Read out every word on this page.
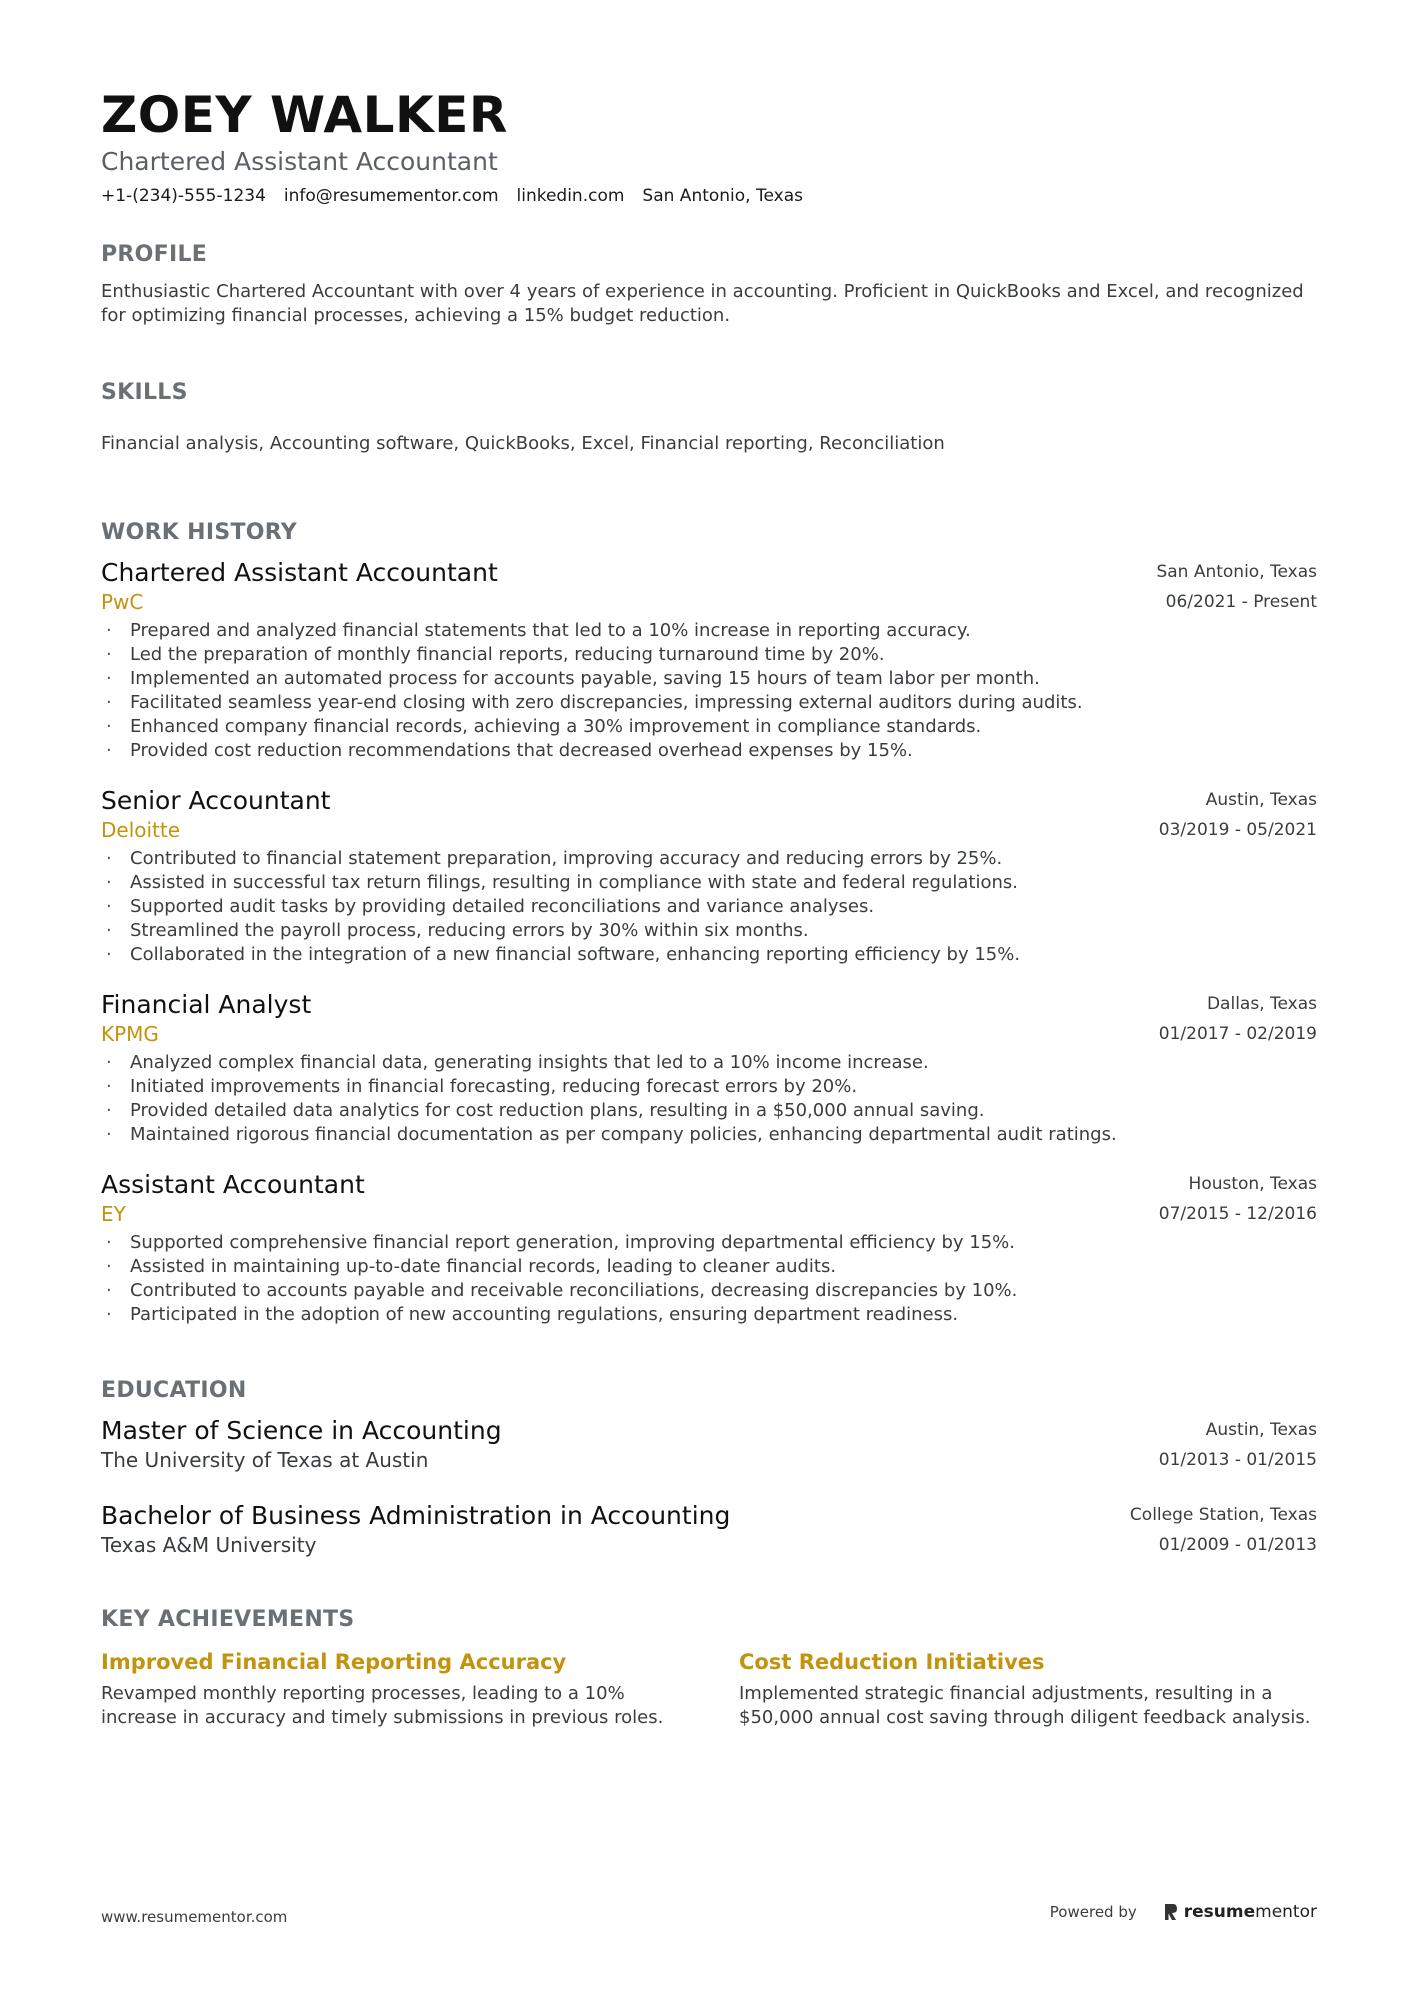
ZOEY WALKER
Chartered Assistant Accountant
+1-(234)-555-1234 info@resumementor.com linkedin.com San Antonio, Texas
PROFILE
Enthusiastic Chartered Accountant with over 4 years of experience in accounting. Proficient in QuickBooks and Excel, and recognized for optimizing financial processes, achieving a 15% budget reduction.
SKILLS
Financial analysis, Accounting software, QuickBooks, Excel, Financial reporting, Reconciliation
WORK HISTORY
Chartered Assistant Accountant
PwC
San Antonio, Texas
06/2021 - Present
· Prepared and analyzed financial statements that led to a 10% increase in reporting accuracy.
· Led the preparation of monthly financial reports, reducing turnaround time by 20%.
· Implemented an automated process for accounts payable, saving 15 hours of team labor per month.
· Facilitated seamless year-end closing with zero discrepancies, impressing external auditors during audits.
· Enhanced company financial records, achieving a 30% improvement in compliance standards.
· Provided cost reduction recommendations that decreased overhead expenses by 15%.
Senior Accountant
Deloitte
Austin, Texas
03/2019 - 05/2021
· Contributed to financial statement preparation, improving accuracy and reducing errors by 25%.
· Assisted in successful tax return filings, resulting in compliance with state and federal regulations.
· Supported audit tasks by providing detailed reconciliations and variance analyses.
· Streamlined the payroll process, reducing errors by 30% within six months.
· Collaborated in the integration of a new financial software, enhancing reporting efficiency by 15%.
Financial Analyst
KPMG
Dallas, Texas
01/2017 - 02/2019
· Analyzed complex financial data, generating insights that led to a 10% income increase.
· Initiated improvements in financial forecasting, reducing forecast errors by 20%.
· Provided detailed data analytics for cost reduction plans, resulting in a $50,000 annual saving.
· Maintained rigorous financial documentation as per company policies, enhancing departmental audit ratings.
Assistant Accountant
EY
Houston, Texas
07/2015 - 12/2016
· Supported comprehensive financial report generation, improving departmental efficiency by 15%.
· Assisted in maintaining up-to-date financial records, leading to cleaner audits.
· Contributed to accounts payable and receivable reconciliations, decreasing discrepancies by 10%.
· Participated in the adoption of new accounting regulations, ensuring department readiness.
EDUCATION
Master of Science in Accounting
The University of Texas at Austin
Austin, Texas
01/2013 - 01/2015
Bachelor of Business Administration in Accounting
Texas A&M University
College Station, Texas
01/2009 - 01/2013
KEY ACHIEVEMENTS
Improved Financial Reporting Accuracy
Revamped monthly reporting processes, leading to a 10% increase in accuracy and timely submissions in previous roles.
Cost Reduction Initiatives
Implemented strategic financial adjustments, resulting in a $50,000 annual cost saving through diligent feedback analysis.
www.resumementor.com	Powered by	resumementor
